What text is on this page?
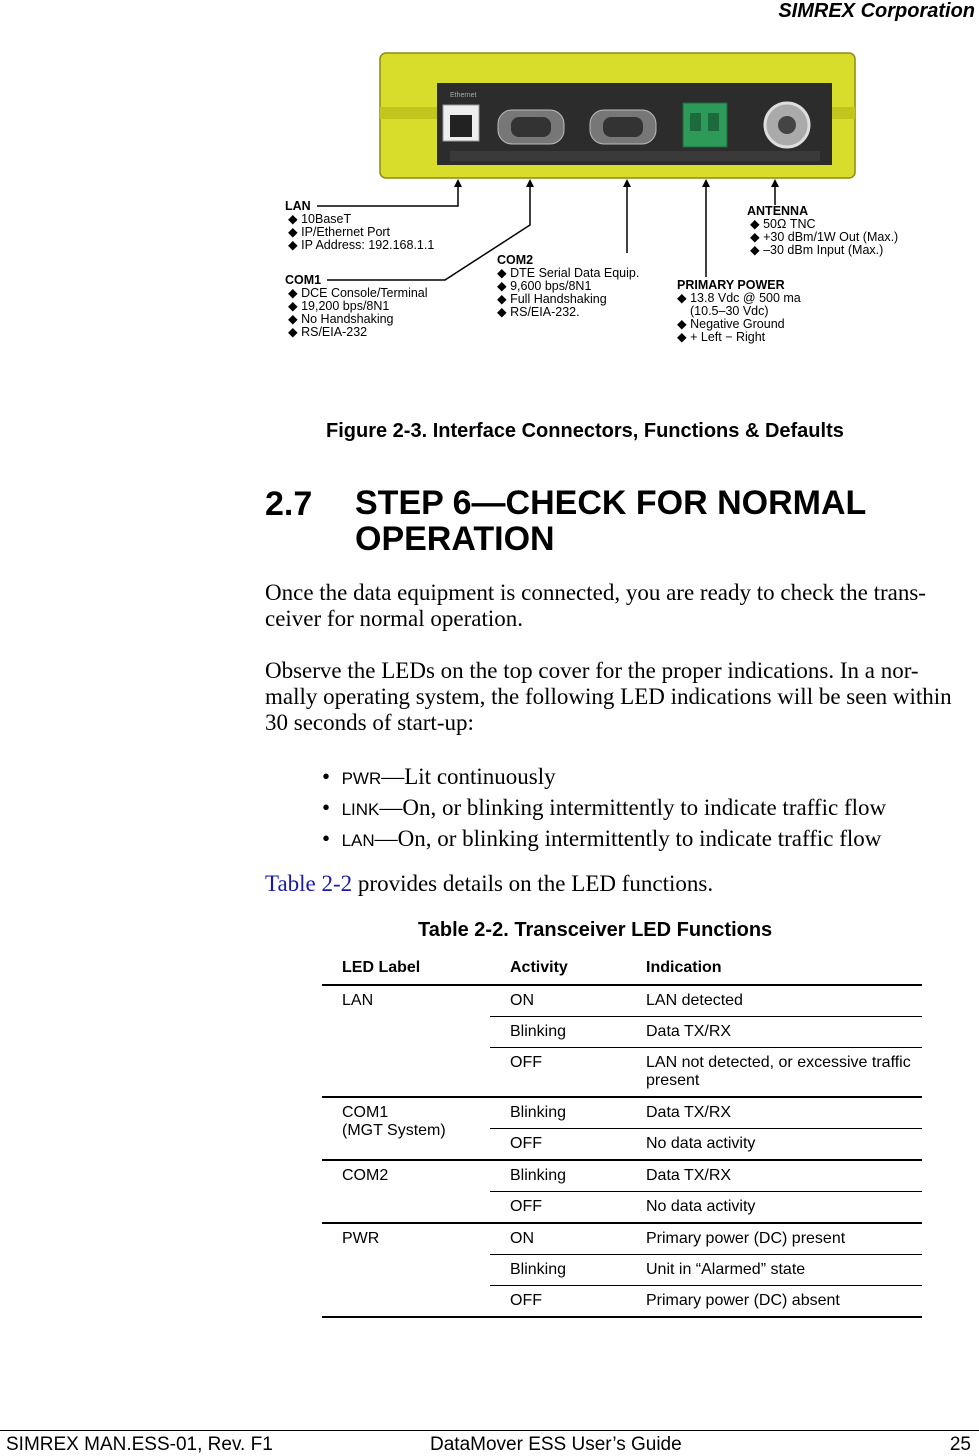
SIMREX Corporation
Ethernet
LAN
◆ 10BaseT
◆ IP/Ethernet Port
◆ IP Address: 192.168.1.1
COM1
◆ DCE Console/Terminal
◆ 19,200 bps/8N1
◆ No Handshaking
◆ RS/EIA-232
COM2
◆ DTE Serial Data Equip.
◆ 9,600 bps/8N1
◆ Full Handshaking
◆ RS/EIA-232.
PRIMARY POWER
◆ 13.8 Vdc @ 500 ma
(10.5–30 Vdc)
◆ Negative Ground
◆ + Left − Right
ANTENNA
◆ 50Ω TNC
◆ +30 dBm/1W Out (Max.)
◆ –30 dBm Input (Max.)
Figure 2-3. Interface Connectors, Functions & Defaults
2.7 STEP 6—CHECK FOR NORMAL OPERATION
Once the data equipment is connected, you are ready to check the trans-ceiver for normal operation.
Observe the LEDs on the top cover for the proper indications. In a nor-mally operating system, the following LED indications will be seen within 30 seconds of start-up:
•  PWR—Lit continuously
•  LINK—On, or blinking intermittently to indicate traffic flow
•  LAN—On, or blinking intermittently to indicate traffic flow
Table 2-2 provides details on the LED functions.
Table 2-2. Transceiver LED Functions
LED Label	Activity	Indication
LAN	ON	LAN detected
	Blinking	Data TX/RX
	OFF	LAN not detected, or excessive traffic present
COM1
(MGT System)	Blinking	Data TX/RX
	OFF	No data activity
COM2	Blinking	Data TX/RX
	OFF	No data activity
PWR	ON	Primary power (DC) present
	Blinking	Unit in “Alarmed” state
	OFF	Primary power (DC) absent
SIMREX MAN.ESS-01, Rev. F1	DataMover ESS User’s Guide	25
